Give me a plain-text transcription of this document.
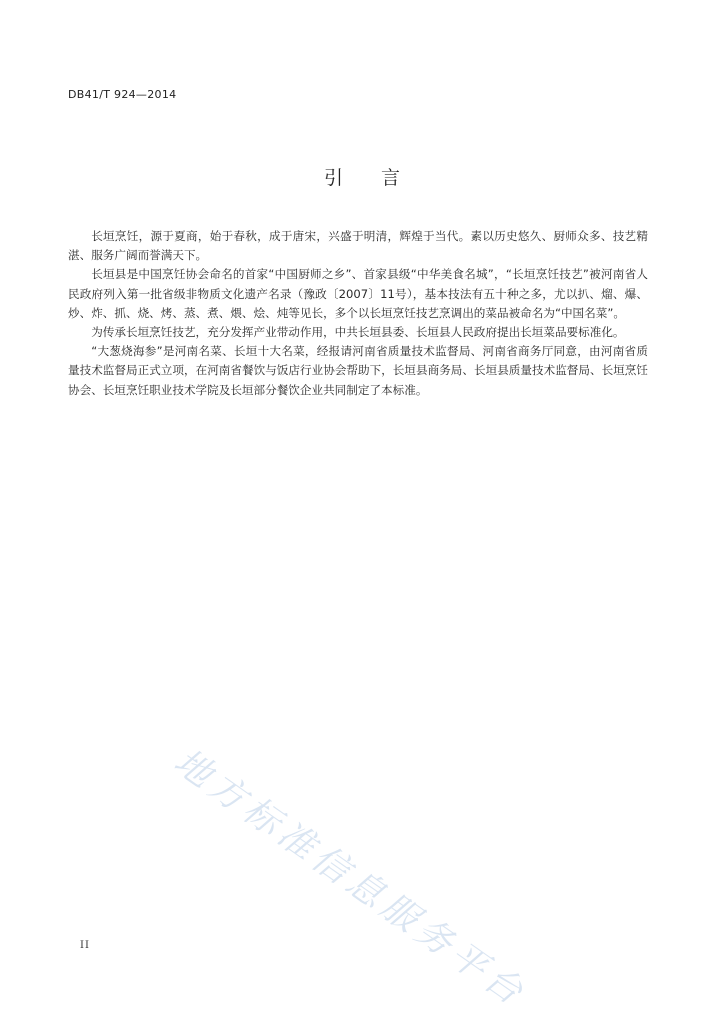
DB41/T 924—2014
引言

长垣烹饪，源于夏商，始于春秋，成于唐宋，兴盛于明清，辉煌于当代。素以历史悠久、厨师众多、技艺精湛、服务广阔而誉满天下。

长垣县是中国烹饪协会命名的首家“中国厨师之乡”、首家县级“中华美食名城”，“长垣烹饪技艺”被河南省人民政府列入第一批省级非物质文化遗产名录（豫政〔2007〕11号），基本技法有五十种之多，尤以扒、熘、爆、炒、炸、抓、烧、烤、蒸、煮、煨、烩、炖等见长，多个以长垣烹饪技艺烹调出的菜品被命名为“中国名菜”。

为传承长垣烹饪技艺，充分发挥产业带动作用，中共长垣县委、长垣县人民政府提出长垣菜品要标准化。

“大葱烧海参”是河南名菜、长垣十大名菜，经报请河南省质量技术监督局、河南省商务厅同意，由河南省质量技术监督局正式立项，在河南省餐饮与饭店行业协会帮助下，长垣县商务局、长垣县质量技术监督局、长垣烹饪协会、长垣烹饪职业技术学院及长垣部分餐饮企业共同制定了本标准。

地方标准信息服务平台
II
